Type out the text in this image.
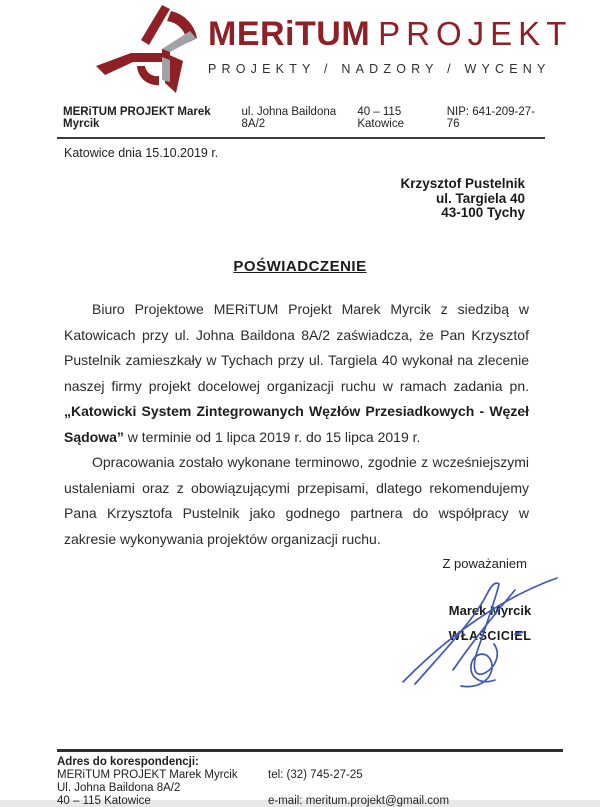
MERiTUM PROJEKT
PROJEKTY / NADZORY / WYCENY
MERiTUM PROJEKT Marek Myrcik
ul. Johna Baildona 8A/2
40 – 115 Katowice
NIP: 641-209-27-76
Katowice dnia 15.10.2019 r.
Krzysztof Pustelnik
ul. Targiela 40
43-100 Tychy
POŚWIADCZENIE

Biuro Projektowe MERiTUM Projekt Marek Myrcik z siedzibą w Katowicach przy ul. Johna Baildona 8A/2 zaświadcza, że Pan Krzysztof Pustelnik zamieszkały w Tychach przy ul. Targiela 40 wykonał na zlecenie naszej firmy projekt docelowej organizacji ruchu w ramach zadania pn. „Katowicki System Zintegrowanych Węzłów Przesiadkowych - Węzeł Sądowa” w terminie od 1 lipca 2019 r. do 15 lipca 2019 r.

Opracowania zostało wykonane terminowo, zgodnie z wcześniejszymi ustaleniami oraz z obowiązującymi przepisami, dlatego rekomendujemy Pana Krzysztofa Pustelnik jako godnego partnera do współpracy w zakresie wykonywania projektów organizacji ruchu.

Z poważaniem
Marek Myrcik
WŁAŚCICIEL
Adres do korespondencji:
MERiTUM PROJEKT Marek Myrcik
Ul. Johna Baildona 8A/2
40 – 115 Katowice
tel: (32) 745-27-25
e-mail: meritum.projekt@gmail.com
